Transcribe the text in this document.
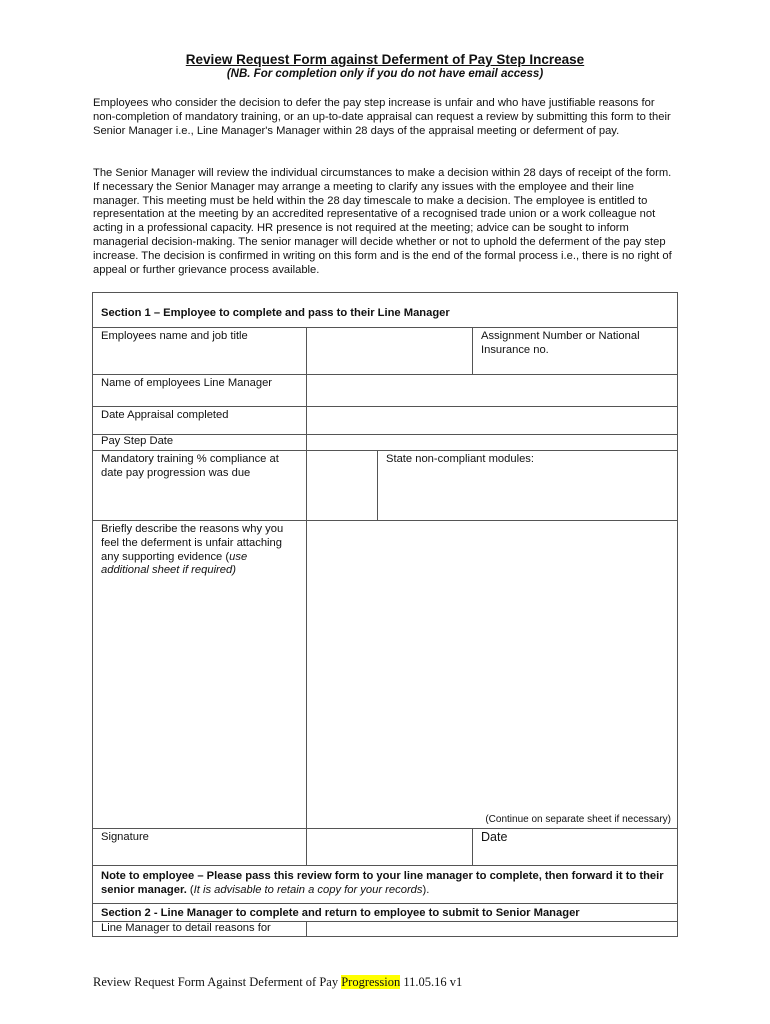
Review Request Form against Deferment of Pay Step Increase
(NB. For completion only if you do not have email access)
Employees who consider the decision to defer the pay step increase is unfair and who have justifiable reasons for non-completion of mandatory training, or an up-to-date appraisal can request a review by submitting this form to their Senior Manager i.e., Line Manager's Manager within 28 days of the appraisal meeting or deferment of pay.
The Senior Manager will review the individual circumstances to make a decision within 28 days of receipt of the form. If necessary the Senior Manager may arrange a meeting to clarify any issues with the employee and their line manager. This meeting must be held within the 28 day timescale to make a decision. The employee is entitled to representation at the meeting by an accredited representative of a recognised trade union or a work colleague not acting in a professional capacity. HR presence is not required at the meeting; advice can be sought to inform managerial decision-making. The senior manager will decide whether or not to uphold the deferment of the pay step increase. The decision is confirmed in writing on this form and is the end of the formal process i.e., there is no right of appeal or further grievance process available.
Section 1 – Employee to complete and pass to their Line Manager			
Employees name and job title			Assignment Number or National Insurance no.
Name of employees Line Manager			
Date Appraisal completed			
Pay Step Date			
Mandatory training % compliance at date pay progression was due		State non-compliant modules:	
Briefly describe the reasons why you feel the deferment is unfair attaching any supporting evidence (use additional sheet if required)	(Continue on separate sheet if necessary)		

Signature			Date
Note to employee – Please pass this review form to your line manager to complete, then forward it to their senior manager. (It is advisable to retain a copy for your records).			
Section 2 - Line Manager to complete and return to employee to submit to Senior Manager			
Line Manager to detail reasons for			
Review Request Form Against Deferment of Pay Progression 11.05.16 v1
